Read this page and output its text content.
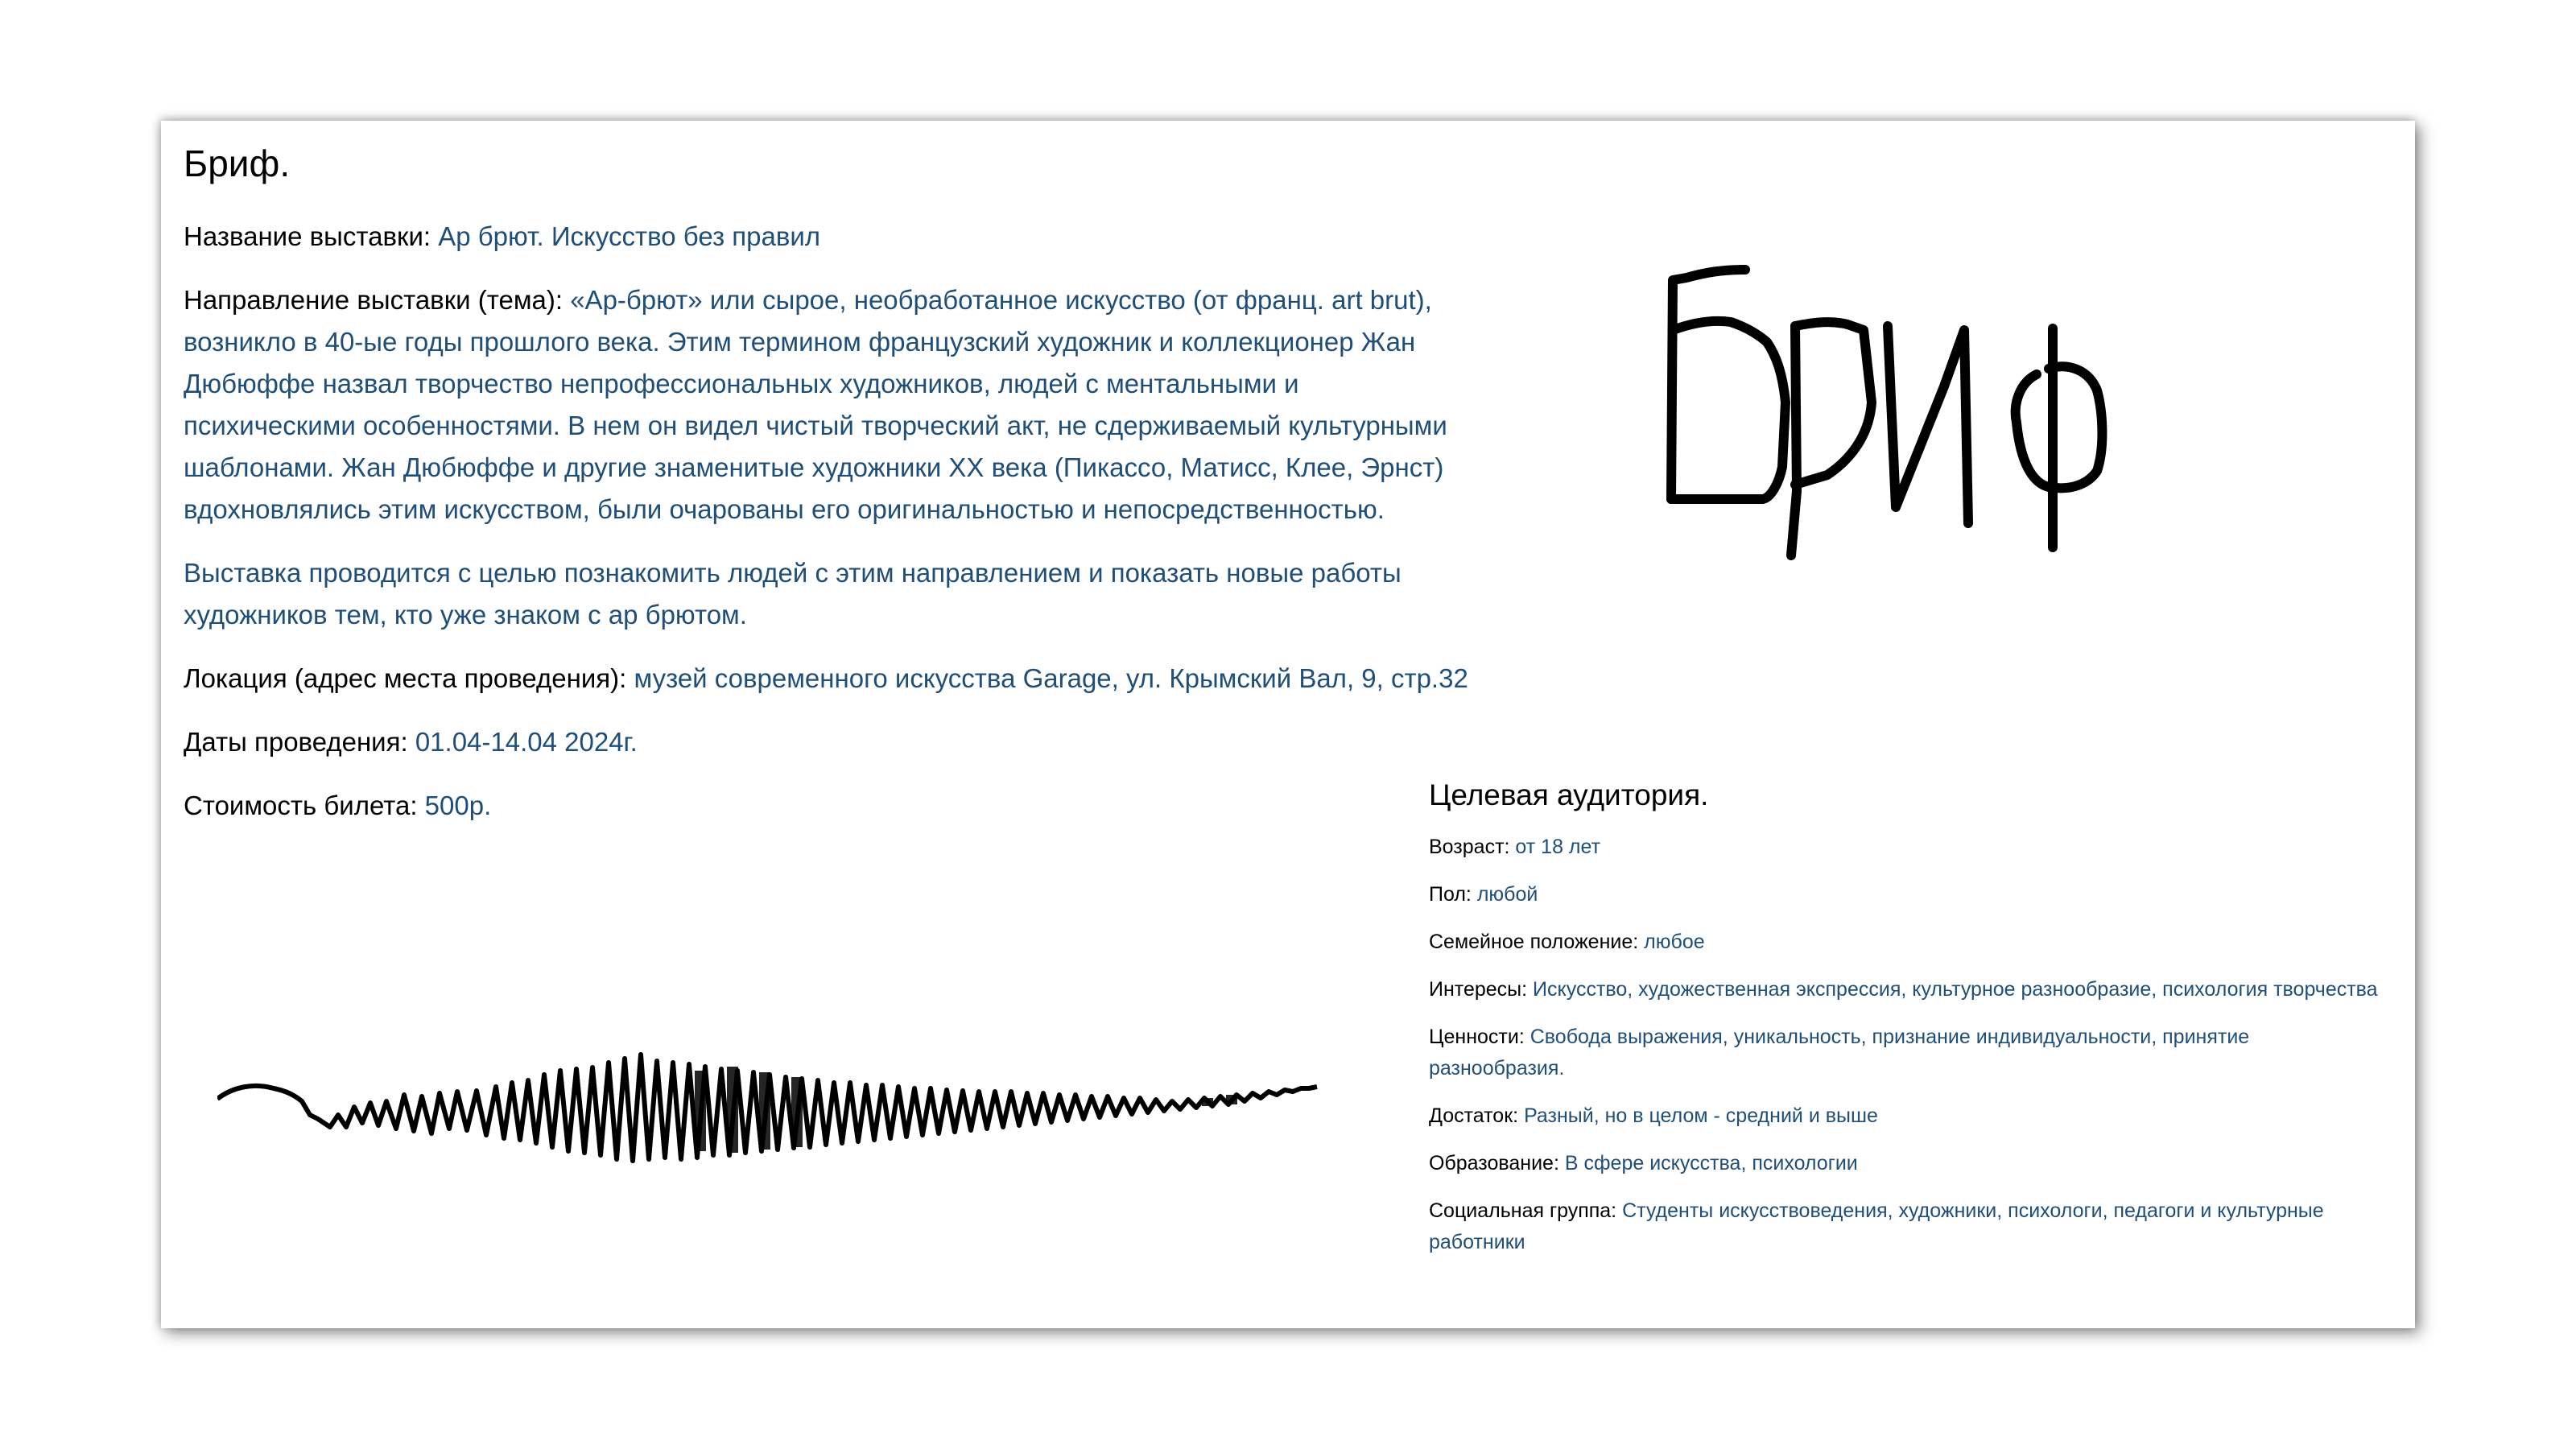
Бриф.

Название выставки: Ар брют. Искусство без правил

Направление выставки (тема): «Ар-брют» или сырое, необработанное искусство (от франц. art brut), возникло в 40-ые годы прошлого века. Этим термином французский художник и коллекционер Жан Дюбюффе назвал творчество непрофессиональных художников, людей с ментальными и психическими особенностями. В нем он видел чистый творческий акт, не сдерживаемый культурными шаблонами. Жан Дюбюффе и другие знаменитые художники XX века (Пикассо, Матисс, Клее, Эрнст) вдохновлялись этим искусством, были очарованы его оригинальностью и непосредственностью.

Выставка проводится с целью познакомить людей с этим направлением и показать новые работы художников тем, кто уже знаком с ар брютом.

Локация (адрес места проведения): музей современного искусства Garage, ул. Крымский Вал, 9, стр.32

Даты проведения: 01.04-14.04 2024г.

Стоимость билета: 500р.	Целевая аудитория.

Возраст: от 18 лет

Пол: любой

Семейное положение: любое

Интересы: Искусство, художественная экспрессия, культурное разнообразие, психология творчества

Ценности: Свобода выражения, уникальность, признание индивидуальности, принятие разнообразия.

Достаток: Разный, но в целом - средний и выше

Образование: В сфере искусства, психологии

Социальная группа: Студенты искусствоведения, художники, психологи, педагоги и культурные работники
